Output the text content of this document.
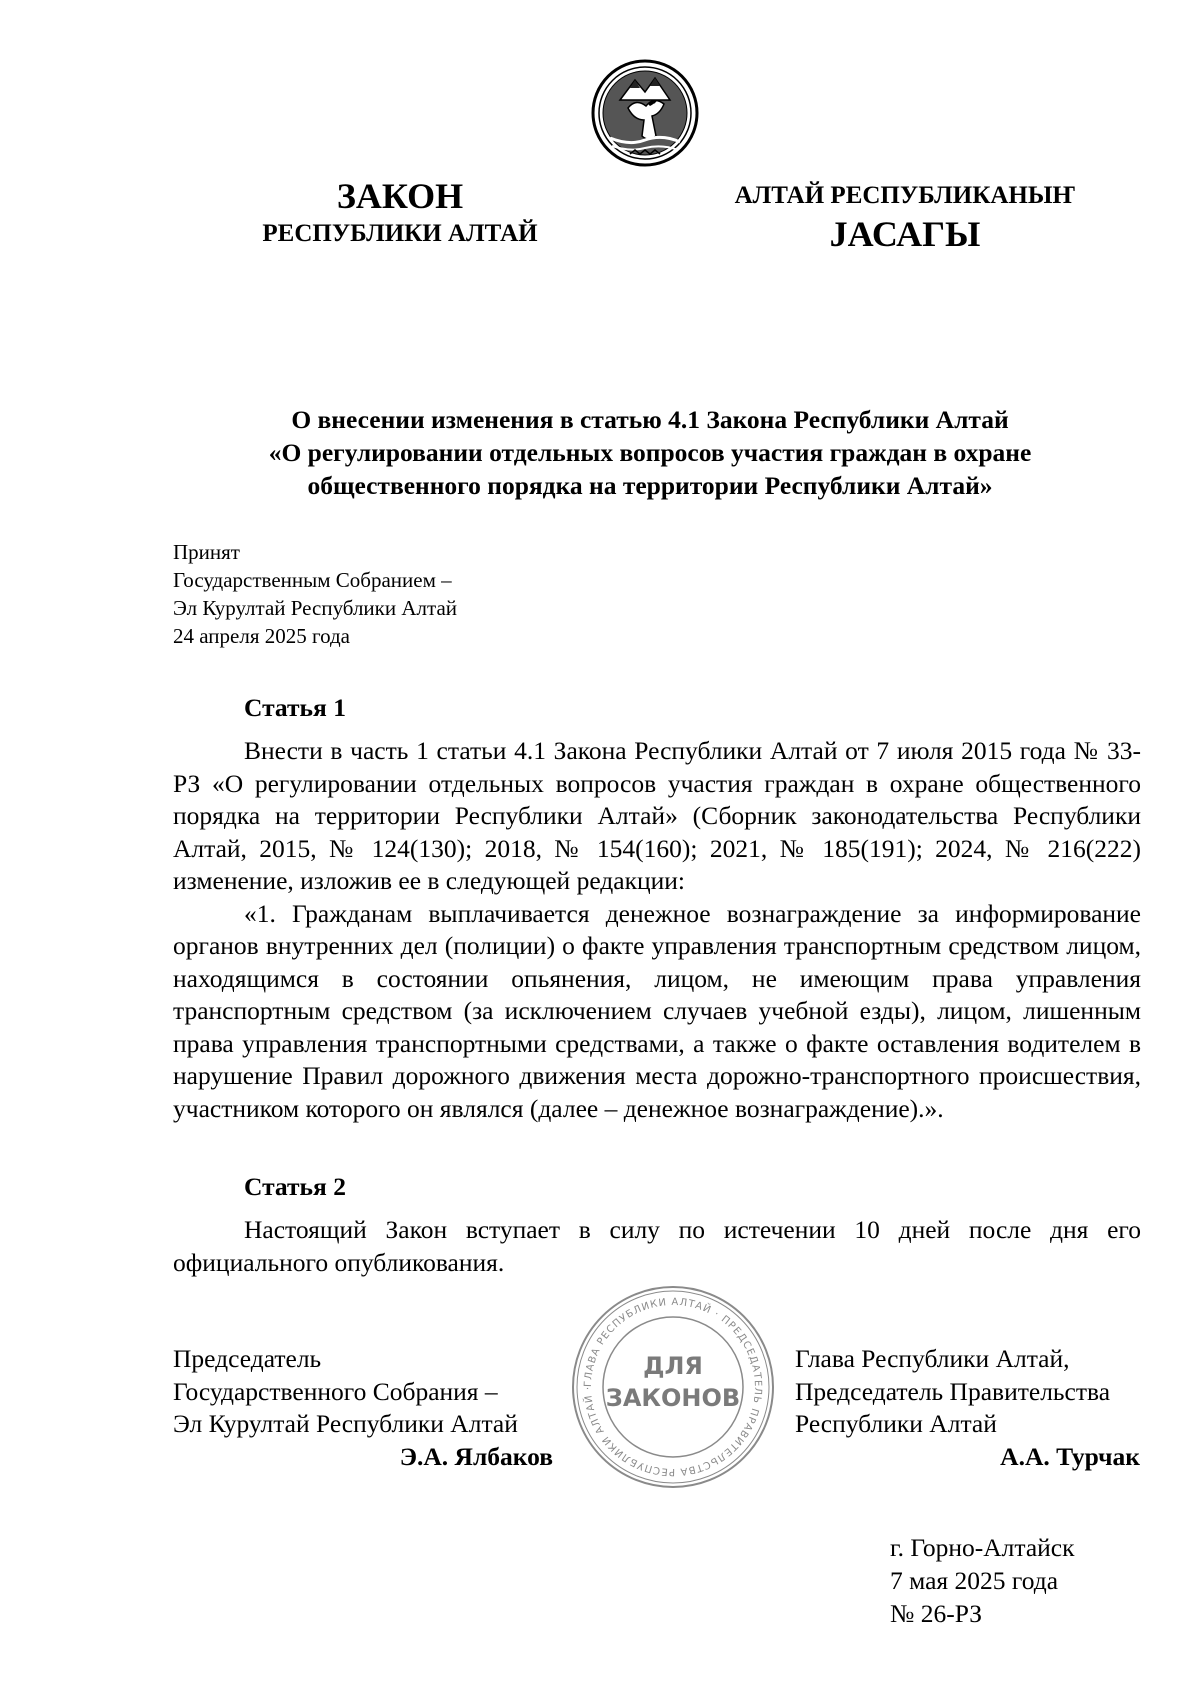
ЗАКОН
РЕСПУБЛИКИ АЛТАЙ
АЛТАЙ РЕСПУБЛИКАНЫҤ
JАСАГЫ
О внесении изменения в статью 4.1 Закона Республики Алтай
«О регулировании отдельных вопросов участия граждан в охране
общественного порядка на территории Республики Алтай»
Принят
Государственным Собранием –
Эл Курултай Республики Алтай
24 апреля 2025 года
Статья 1

Внести в часть 1 статьи 4.1 Закона Республики Алтай от 7 июля 2015 года № 33-РЗ «О регулировании отдельных вопросов участия граждан в охране общественного порядка на территории Республики Алтай» (Сборник законодательства Республики Алтай, 2015, № 124(130); 2018, № 154(160); 2021, № 185(191); 2024, № 216(222) изменение, изложив ее в следующей редакции:

«1. Гражданам выплачивается денежное вознаграждение за информирование органов внутренних дел (полиции) о факте управления транспортным средством лицом, находящимся в состоянии опьянения, лицом, не имеющим права управления транспортным средством (за исключением случаев учебной езды), лицом, лишенным права управления транспортными средствами, а также о факте оставления водителем в нарушение Правил дорожного движения места дорожно-транспортного происшествия, участником которого он являлся (далее – денежное вознаграждение).».

Статья 2

Настоящий Закон вступает в силу по истечении 10 дней после дня его официального опубликования.

Председатель
Государственного Собрания –
Эл Курултай Республики Алтай
Э.А. Ялбаков
ГЛАВА РЕСПУБЛИКИ АЛТАЙ · ПРЕДСЕДАТЕЛЬ ПРАВИТЕЛЬСТВА РЕСПУБЛИКИ АЛТАЙ ·
ДЛЯ
ЗАКОНОВ
Глава Республики Алтай,
Председатель Правительства
Республики Алтай
А.А. Турчак
г. Горно-Алтайск
7 мая 2025 года
№ 26-РЗ
